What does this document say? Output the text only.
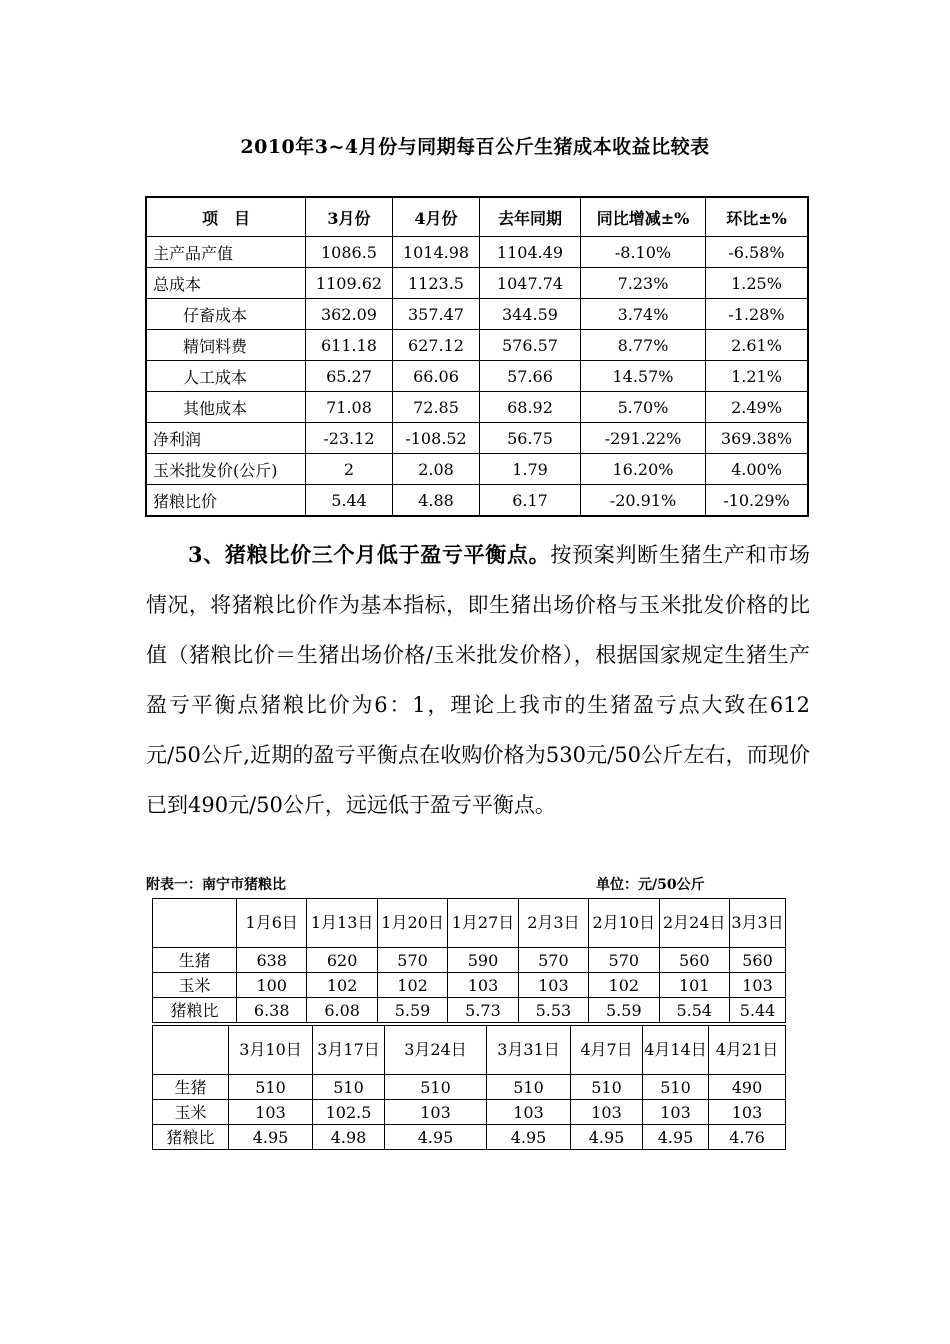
2010年3~4月份与同期每百公斤生猪成本收益比较表
项　目	3月份	4月份	去年同期	同比增减±%	环比±%
主产品产值	1086.5	1014.98	1104.49	-8.10%	-6.58%
总成本	1109.62	1123.5	1047.74	7.23%	1.25%
仔畜成本	362.09	357.47	344.59	3.74%	-1.28%
精饲料费	611.18	627.12	576.57	8.77%	2.61%
人工成本	65.27	66.06	57.66	14.57%	1.21%
其他成本	71.08	72.85	68.92	5.70%	2.49%
净利润	-23.12	-108.52	56.75	-291.22%	369.38%
玉米批发价(公斤)	2	2.08	1.79	16.20%	4.00%
猪粮比价	5.44	4.88	6.17	-20.91%	-10.29%

3、猪粮比价三个月低于盈亏平衡点。按预案判断生猪生产和市场情况，将猪粮比价作为基本指标，即生猪出场价格与玉米批发价格的比值（猪粮比价＝生猪出场价格/玉米批发价格），根据国家规定生猪生产盈亏平衡点猪粮比价为6：1，理论上我市的生猪盈亏点大致在612元/50公斤,近期的盈亏平衡点在收购价格为530元/50公斤左右，而现价已到490元/50公斤，远远低于盈亏平衡点。

附表一：南宁市猪粮比	单位：元/50公斤
	1月6日	1月13日	1月20日	1月27日	2月3日	2月10日	2月24日	3月3日
生猪	638	620	570	590	570	570	560	560
玉米	100	102	102	103	103	102	101	103
猪粮比	6.38	6.08	5.59	5.73	5.53	5.59	5.54	5.44
	3月10日	3月17日	3月24日	3月31日	4月7日	4月14日	4月21日
生猪	510	510	510	510	510	510	490
玉米	103	102.5	103	103	103	103	103
猪粮比	4.95	4.98	4.95	4.95	4.95	4.95	4.76
